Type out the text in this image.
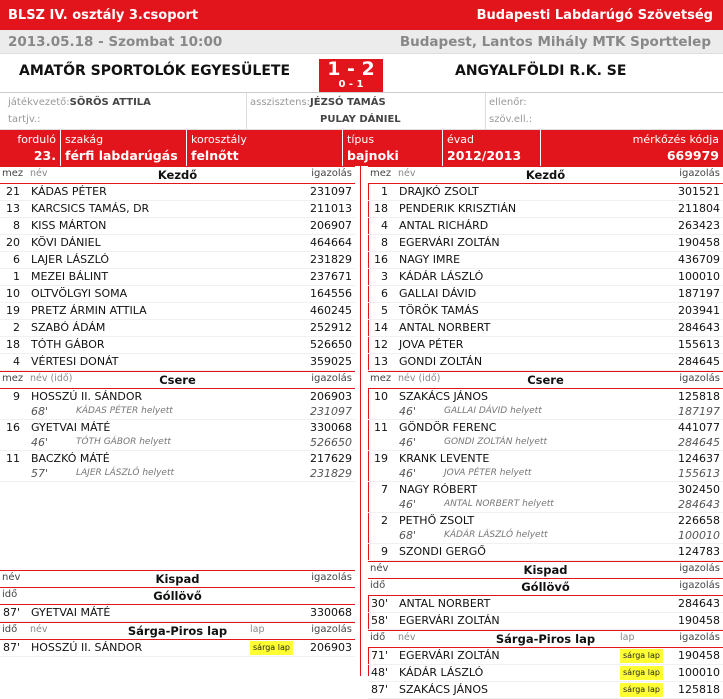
BLSZ IV. osztály 3.csoport	Budapesti Labdarúgó Szövetség
2013.05.18 - Szombat 10:00	Budapest, Lantos Mihály MTK Sporttelep
AMATŐR SPORTOLÓK EGYESÜLETE	1 - 2
0 - 1
ANGYALFÖLDI R.K. SE
játékvezető:SÖRÖS ATTILA
tartjv.:
asszisztens:JÉZSÓ TAMÁS
PULAY DÁNIEL
ellenőr:
szöv.ell.:
forduló
23.
szakág
férfi labdarúgás
korosztály
felnőtt
típus
bajnoki
évad
2012/2013
mérkőzés kódja
669979
mez név	Kezdő	igazolás
21 KÁDAS PÉTER	231097
13 KARCSICS TAMÁS, DR	211013
8 KISS MÁRTON	206907
20 KÖVI DÁNIEL	464664
6 LAJER LÁSZLÓ	231829
1 MEZEI BÁLINT	237671
10 OLTVÖLGYI SOMA	164556
19 PRETZ ÁRMIN ATTILA	460245
2 SZABÓ ÁDÁM	252912
18 TÓTH GÁBOR	526650
4 VÉRTESI DONÁT	359025
mez név (idő)	Csere	igazolás
9 HOSSZÚ II. SÁNDOR	206903
68'	KÁDAS PÉTER helyett	231097
16 GYETVAI MÁTÉ	330068
46'	TÓTH GÁBOR helyett	526650
11 BACZKÓ MÁTÉ	217629
57'	LAJER LÁSZLÓ helyett	231829
név	Kispad	igazolás
idő	Góllövő
87' GYETVAI MÁTÉ	330068
idő név	Sárga-Piros lap	lap	igazolás
87' HOSSZÚ II. SÁNDOR	sárga lap 206903
mez név	Kezdő	igazolás
1 DRAJKÓ ZSOLT	301521
18 PENDERIK KRISZTIÁN	211804
4 ANTAL RICHÁRD	263423
8 EGERVÁRI ZOLTÁN	190458
16 NAGY IMRE	436709
3 KÁDÁR LÁSZLÓ	100010
6 GALLAI DÁVID	187197
5 TÖRÖK TAMÁS	203941
14 ANTAL NORBERT	284643
12 JOVA PÉTER	155613
13 GONDI ZOLTÁN	284645
mez név (idő)	Csere	igazolás
10 SZAKÁCS JÁNOS	125818
46'	GALLAI DÁVID helyett	187197
11 GÖNDÖR FERENC	441077
46'	GONDI ZOLTÁN helyett	284645
19 KRANK LEVENTE	124637
46'	JOVA PÉTER helyett	155613
7 NAGY RÓBERT	302450
46'	ANTAL NORBERT helyett	284643
2 PETHŐ ZSOLT	226658
68'	KÁDÁR LÁSZLÓ helyett	100010
9 SZONDI GERGŐ	124783
név	Kispad	igazolás
idő	Góllövő	igazolás
30' ANTAL NORBERT	284643
58' EGERVÁRI ZOLTÁN	190458
idő név	Sárga-Piros lap	lap	igazolás
71' EGERVÁRI ZOLTÁN	sárga lap 190458
48' KÁDÁR LÁSZLÓ	sárga lap 100010
87' SZAKÁCS JÁNOS	sárga lap 125818
